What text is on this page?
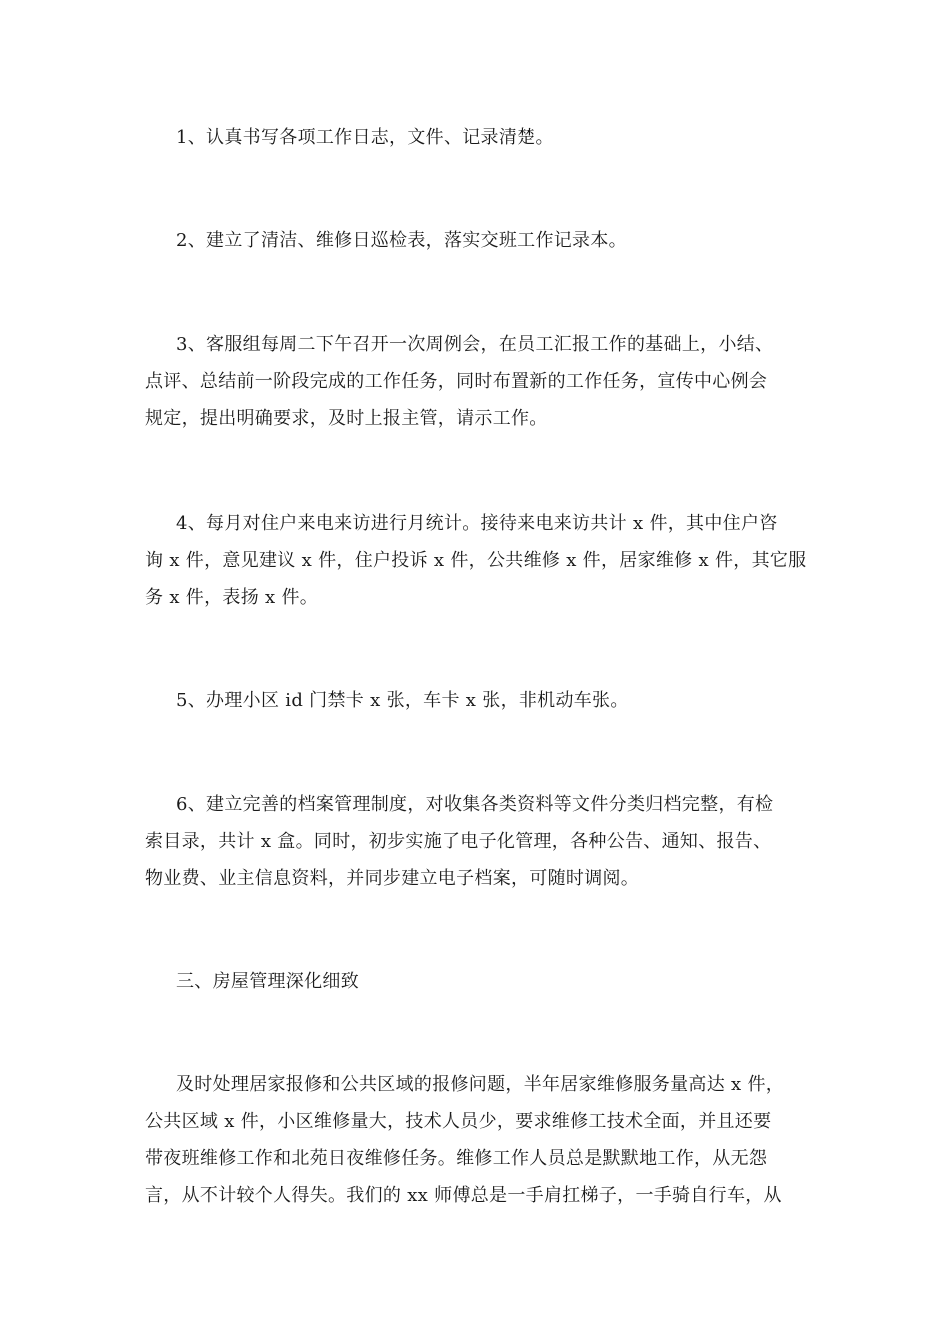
1、认真书写各项工作日志，文件、记录清楚。

2、建立了清洁、维修日巡检表，落实交班工作记录本。

3、客服组每周二下午召开一次周例会，在员工汇报工作的基础上，小结、
点评、总结前一阶段完成的工作任务，同时布置新的工作任务，宣传中心例会
规定，提出明确要求，及时上报主管，请示工作。

4、每月对住户来电来访进行月统计。接待来电来访共计 x 件，其中住户咨
询 x 件，意见建议 x 件，住户投诉 x 件，公共维修 x 件，居家维修 x 件，其它服
务 x 件，表扬 x 件。

5、办理小区 id 门禁卡 x 张，车卡 x 张，非机动车张。

6、建立完善的档案管理制度，对收集各类资料等文件分类归档完整，有检
索目录，共计 x 盒。同时，初步实施了电子化管理，各种公告、通知、报告、
物业费、业主信息资料，并同步建立电子档案，可随时调阅。

三、房屋管理深化细致

及时处理居家报修和公共区域的报修问题，半年居家维修服务量高达 x 件，
公共区域 x 件，小区维修量大，技术人员少，要求维修工技术全面，并且还要
带夜班维修工作和北苑日夜维修任务。维修工作人员总是默默地工作，从无怨
言，从不计较个人得失。我们的 xx 师傅总是一手肩扛梯子，一手骑自行车，从
